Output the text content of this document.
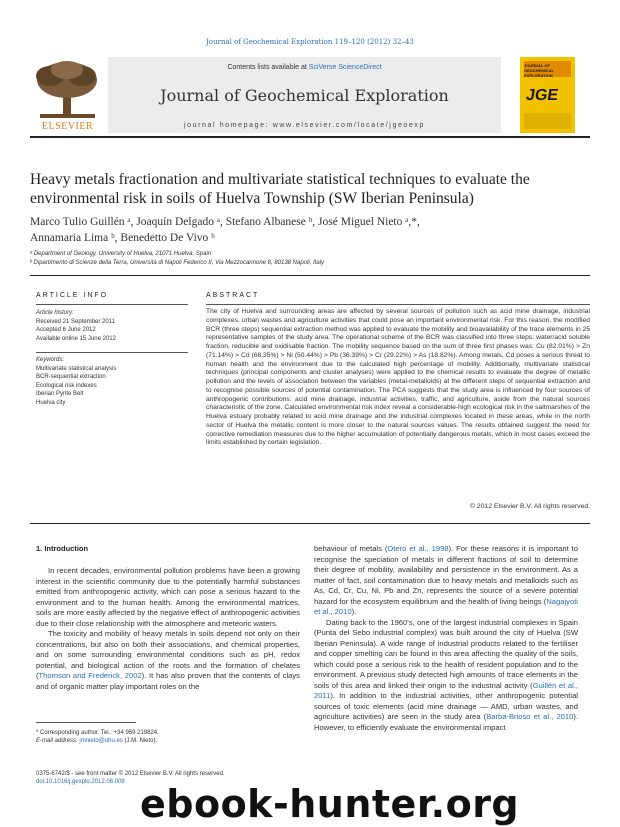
Journal of Geochemical Exploration 119–120 (2012) 32–43
ELSEVIER
Contents lists available at SciVerse ScienceDirect
Journal of Geochemical Exploration
journal homepage: www.elsevier.com/locate/jgeoexp
JOURNAL OF GEOCHEMICAL EXPLORATION
JGE
Heavy metals fractionation and multivariate statistical techniques to evaluate the environmental risk in soils of Huelva Township (SW Iberian Peninsula)
Marco Tulio Guillén ᵃ, Joaquín Delgado ᵃ, Stefano Albanese ᵇ, José Miguel Nieto ᵃ,*,
Annamaria Lima ᵇ, Benedetto De Vivo ᵇ
ᵃ Department of Geology, University of Huelva, 21071 Huelva, Spain
ᵇ Dipartimento di Scienze della Terra, Università di Napoli Federico II, Via Mezzocannone 8, 80138 Napoli, Italy
ARTICLE INFO
Article history:
Received 21 September 2011
Accepted 6 June 2012
Available online 15 June 2012
Keywords:
Multivariate statistical analysis
BCR-sequential extraction
Ecological risk indexes
Iberian Pyrite Belt
Huelva city
ABSTRACT
The city of Huelva and surrounding areas are affected by several sources of pollution such as acid mine drainage, industrial complexes, urban wastes and agriculture activities that could pose an important environmental risk. For this reason, the modified BCR (three steps) sequential extraction method was applied to evaluate the mobility and bioavailability of the trace elements in 25 representative samples of the study area. The operational scheme of the BCR was classified into three steps: water/acid soluble fraction, reducible and oxidisable fraction. The mobility sequence based on the sum of three first phases was: Cu (82.01%) > Zn (71.14%) > Cd (68.35%) > Ni (50.44%) > Pb (36.39%) > Cr (29.22%) > As (18.82%). Among metals, Cd poses a serious threat to human health and the environment due to the calculated high percentage of mobility. Additionally, multivariate statistical techniques (principal components and cluster analyses) were applied to the chemical results to evaluate the degree of metallic pollution and the levels of association between the variables (metal-metalloids) at the different steps of sequential extraction and to recognise possible sources of potential contamination. The PCA suggests that the study area is influenced by four sources of anthropogenic contributions: acid mine drainage, industrial activities, traffic, and agriculture, aside from the natural sources characteristic of the zone. Calculated environmental risk index reveal a considerable-high ecological risk in the saltmarshes of the Huelva estuary probably related to acid mine drainage and the industrial complexes located in these areas, while in the north sector of Huelva the metallic content is more closer to the natural sources values. The results obtained suggest the need for corrective remediation measures due to the higher accumulation of potentially dangerous metals, which in most cases exceed the limits established by certain legislation.
© 2012 Elsevier B.V. All rights reserved.
1. Introduction

In recent decades, environmental pollution problems have been a growing interest in the scientific community due to the potentially harmful substances emitted from anthropogenic activity, which can pose a serious hazard to the environment and to the human health. Among the environmental matrices, soils are more easily affected by the negative effect of anthropogenic activities due to their close relationship with the atmosphere and meteoric waters.

The toxicity and mobility of heavy metals in soils depend not only on their concentrations, but also on both their associations, and chemical properties, and on some surrounding environmental conditions such as pH, redox potential, and biological action of the roots and the formation of chelates (Thomson and Frederick, 2002). It has also proven that the contents of clays and of organic matter play important roles on the

behaviour of metals (Otero et al., 1998). For these reasons it is important to recognise the speciation of metals in different fractions of soil to determine their degree of mobility, availability and persistence in the environment. As a matter of fact, soil contamination due to heavy metals and metalloids such as As, Cd, Cr, Cu, Ni, Pb and Zn, represents the source of a severe potential hazard for the ecosystem equilibrium and the health of living beings (Nagajyoti et al., 2010).

Dating back to the 1960's, one of the largest industrial complexes in Spain (Punta del Sebo industrial complex) was built around the city of Huelva (SW Iberian Peninsula). A wide range of industrial products related to the fertiliser and copper smelting can be found in this area affecting the quality of the soils, which could pose a serious risk to the health of resident population and to the environment. A previous study detected high amounts of trace elements in the soils of this area and linked their origin to the industrial activity (Guillén et al., 2011). In addition to the industrial activities, other anthropogenic potential sources of toxic elements (acid mine drainage — AMD, urban wastes, and agriculture activities) are seen in the study area (Barba-Brioso et al., 2010). However, to efficiently evaluate the environmental impact

* Corresponding author. Tel.: +34 959 219824.
E-mail address: jmnieto@uhu.es (J.M. Nieto).
0375-6742/$ - see front matter © 2012 Elsevier B.V. All rights reserved.
doi:10.1016/j.gexplo.2012.06.009 ebook-hunter.org
